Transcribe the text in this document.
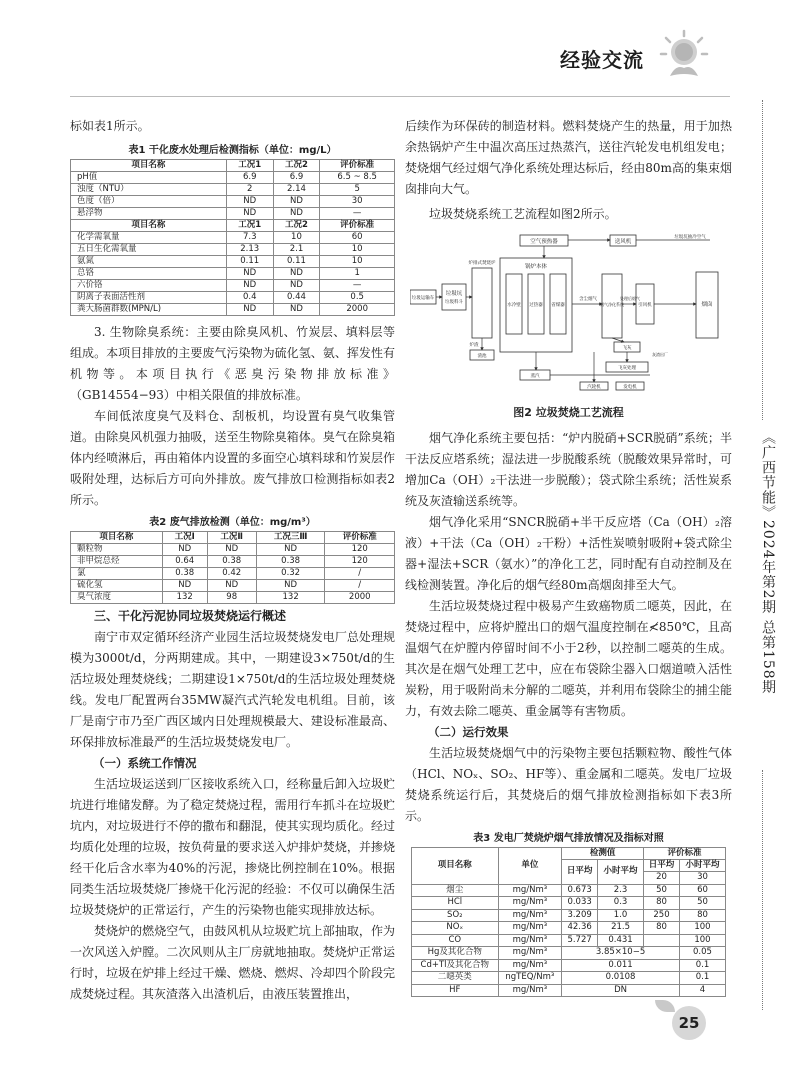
经验交流
《广西节能》2024年第2期 总第158期

标如表1所示。

表1 干化废水处理后检测指标（单位：mg/L）
项目名称	工况1	工况2	评价标准
pH值	6.9	6.9	6.5 ~ 8.5
浊度（NTU）	2	2.14	5
色度（倍）	ND	ND	30
悬浮物	ND	ND	—
项目名称	工况1	工况2	评价标准
化学需氧量	7.3	10	60
五日生化需氧量	2.13	2.1	10
氨氮	0.11	0.11	10
总铬	ND	ND	1
六价铬	ND	ND	—
阴离子表面活性剂	0.4	0.44	0.5
粪大肠菌群数(MPN/L)	ND	ND	2000

3. 生物除臭系统：主要由除臭风机、竹炭层、填料层等组成。本项目排放的主要废气污染物为硫化氢、氨、挥发性有机物等。本项目执行《恶臭污染物排放标准》（GB14554−93）中相关限值的排放标准。

车间低浓度臭气及料仓、刮板机，均设置有臭气收集管道。由除臭风机强力抽吸，送至生物除臭箱体。臭气在除臭箱体内经喷淋后，再由箱体内设置的多面空心填料球和竹炭层作吸附处理，达标后方可向外排放。废气排放口检测指标如表2所示。

表2 废气排放检测（单位：mg/m³）
项目名称	工况Ⅰ	工况Ⅱ	工况三Ⅲ	评价标准
颗粒物	ND	ND	ND	120
非甲烷总烃	0.64	0.38	0.38	120
氯	0.38	0.42	0.32	/
硫化氢	ND	ND	ND	/
臭气浓度	132	98	132	2000

三、干化污泥协同垃圾焚烧运行概述

南宁市双定循环经济产业园生活垃圾焚烧发电厂总处理规模为3000t/d，分两期建成。其中，一期建设3×750t/d的生活垃圾处理焚烧线；二期建设1×750t/d的生活垃圾处理焚烧线。发电厂配置两台35MW凝汽式汽轮发电机组。目前，该厂是南宁市乃至广西区域内日处理规模最大、建设标准最高、环保排放标准最严的生活垃圾焚烧发电厂。

（一）系统工作情况

生活垃圾运送到厂区接收系统入口，经称量后卸入垃圾贮坑进行堆储发酵。为了稳定焚烧过程，需用行车抓斗在垃圾贮坑内，对垃圾进行不停的撒布和翻混，使其实现均质化。经过均质化处理的垃圾，按负荷量的要求送入炉排炉焚烧，并掺烧经干化后含水率为40%的污泥，掺烧比例控制在10%。根据同类生活垃圾焚烧厂掺烧干化污泥的经验：不仅可以确保生活垃圾焚烧炉的正常运行，产生的污染物也能实现排放达标。

焚烧炉的燃烧空气，由鼓风机从垃圾贮坑上部抽取，作为一次风送入炉膛。二次风则从主厂房就地抽取。焚烧炉正常运行时，垃圾在炉排上经过干燥、燃烧、燃烬、冷却四个阶段完成焚烧过程。其灰渣落入出渣机后，由液压装置推出，

后续作为环保砖的制造材料。燃料焚烧产生的热量，用于加热余热锅炉产生中温次高压过热蒸汽，送往汽轮发电机组发电；焚烧烟气经过烟气净化系统处理达标后，经由80m高的集束烟囱排向大气。

垃圾焚烧系统工艺流程如图2所示。

空气预热器	送风机
垃圾坑抽冷空气
垃圾运输车
垃圾坑
垃圾料斗
炉排式焚烧炉
锅炉本体
水冷壁 过热器 省煤器
含尘烟气
烟气净化系统
处理后烟气
引风机	烟囱
渣池
炉渣
飞灰
飞灰处理
蒸汽
汽轮机	发电机
灰渣出厂
图2 垃圾焚烧工艺流程

烟气净化系统主要包括：“炉内脱硝+SCR脱硝”系统；半干法反应塔系统；湿法进一步脱酸系统（脱酸效果异常时，可增加Ca（OH）₂干法进一步脱酸）；袋式除尘系统；活性炭系统及灰渣输送系统等。

烟气净化采用“SNCR脱硝+半干反应塔（Ca（OH）₂溶液）+干法（Ca（OH）₂干粉）+活性炭喷射吸附+袋式除尘器+湿法+SCR（氨水）”的净化工艺，同时配有自动控制及在线检测装置。净化后的烟气经80m高烟囱排至大气。

生活垃圾焚烧过程中极易产生致癌物质二噁英，因此，在焚烧过程中，应将炉膛出口的烟气温度控制在≮850℃，且高温烟气在炉膛内停留时间不小于2秒，以控制二噁英的生成。其次是在烟气处理工艺中，应在布袋除尘器入口烟道喷入活性炭粉，用于吸附尚未分解的二噁英，并利用布袋除尘的捕尘能力，有效去除二噁英、重金属等有害物质。

（二）运行效果

生活垃圾焚烧烟气中的污染物主要包括颗粒物、酸性气体（HCl、NOₓ、SO₂、HF等）、重金属和二噁英。发电厂垃圾焚烧系统运行后，其焚烧后的烟气排放检测指标如下表3所示。

表3 发电厂焚烧炉烟气排放情况及指标对照
项目名称	单位	检测值		评价标准	
		日平均	小时平均	日平均	小时平均
				20	30
烟尘	mg/Nm³	0.673	2.3	50	60
HCl	mg/Nm³	0.033	0.3	80	50
SO₂	mg/Nm³	3.209	1.0	250	80
NOₓ	mg/Nm³	42.36	21.5	80	100
CO	mg/Nm³	5.727	0.431		100
Hg及其化合物	mg/Nm³	3.85×10−5			0.05
Cd+Tl及其化合物	mg/Nm³	0.011			0.1
二噁英类	ngTEQ/Nm³	0.0108			0.1
HF	mg/Nm³	DN			4
25
